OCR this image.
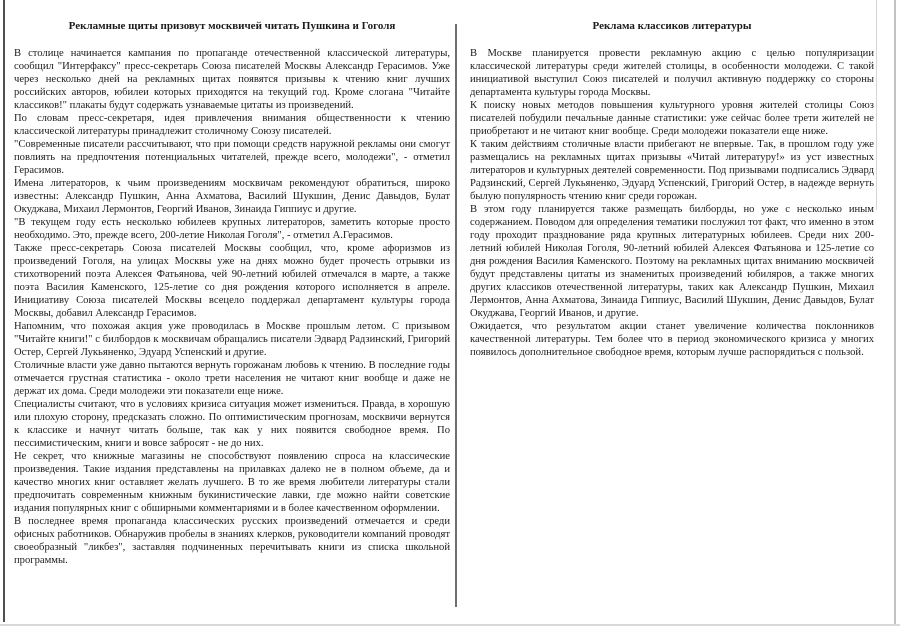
Рекламные щиты призовут москвичей читать Пушкина и Гоголя

В столице начинается кампания по пропаганде отечественной классической литературы, сообщил "Интерфаксу" пресс-секретарь Союза писателей Москвы Александр Герасимов. Уже через несколько дней на рекламных щитах появятся призывы к чтению книг лучших российских авторов, юбилеи которых приходятся на текущий год. Кроме слогана "Читайте классиков!" плакаты будут содержать узнаваемые цитаты из произведений.

По словам пресс-секретаря, идея привлечения внимания общественности к чтению классической литературы принадлежит столичному Союзу писателей.

"Современные писатели рассчитывают, что при помощи средств наружной рекламы они смогут повлиять на предпочтения потенциальных читателей, прежде всего, молодежи", - отметил Герасимов.

Имена литераторов, к чьим произведениям москвичам рекомендуют обратиться, широко известны: Александр Пушкин, Анна Ахматова, Василий Шукшин, Денис Давыдов, Булат Окуджава, Михаил Лермонтов, Георгий Иванов, Зинаида Гиппиус и другие.

"В текущем году есть несколько юбилеев крупных литераторов, заметить которые просто необходимо. Это, прежде всего, 200-летие Николая Гоголя", - отметил А.Герасимов.

Также пресс-секретарь Союза писателей Москвы сообщил, что, кроме афоризмов из произведений Гоголя, на улицах Москвы уже на днях можно будет прочесть отрывки из стихотворений поэта Алексея Фатьянова, чей 90-летний юбилей отмечался в марте, а также поэта Василия Каменского, 125-летие со дня рождения которого исполняется в апреле. Инициативу Союза писателей Москвы всецело поддержал департамент культуры города Москвы, добавил Александр Герасимов.

Напомним, что похожая акция уже проводилась в Москве прошлым летом. С призывом "Читайте книги!" с билбордов к москвичам обращались писатели Эдвард Радзинский, Григорий Остер, Сергей Лукьяненко, Эдуард Успенский и другие.

Столичные власти уже давно пытаются вернуть горожанам любовь к чтению. В последние годы отмечается грустная статистика - около трети населения не читают книг вообще и даже не держат их дома. Среди молодежи эти показатели еще ниже.

Специалисты считают, что в условиях кризиса ситуация может измениться. Правда, в хорошую или плохую сторону, предсказать сложно. По оптимистическим прогнозам, москвичи вернутся к классике и начнут читать больше, так как у них появится свободное время. По пессимистическим, книги и вовсе забросят - не до них.

Не секрет, что книжные магазины не способствуют появлению спроса на классические произведения. Такие издания представлены на прилавках далеко не в полном объеме, да и качество многих книг оставляет желать лучшего. В то же время любители литературы стали предпочитать современным книжным букинистические лавки, где можно найти советские издания популярных книг с обширными комментариями и в более качественном оформлении.

В последнее время пропаганда классических русских произведений отмечается и среди офисных работников. Обнаружив пробелы в знаниях клерков, руководители компаний проводят своеобразный "ликбез", заставляя подчиненных перечитывать книги из списка школьной программы.

Реклама классиков литературы

В Москве планируется провести рекламную акцию с целью популяризации классической литературы среди жителей столицы, в особенности молодежи. С такой инициативой выступил Союз писателей и получил активную поддержку со стороны департамента культуры города Москвы.

К поиску новых методов повышения культурного уровня жителей столицы Союз писателей побудили печальные данные статистики: уже сейчас более трети жителей не приобретают и не читают книг вообще. Среди молодежи показатели еще ниже.

К таким действиям столичные власти прибегают не впервые. Так, в прошлом году уже размещались на рекламных щитах призывы «Читай литературу!» из уст известных литераторов и культурных деятелей современности. Под призывами подписались Эдвард Радзинский, Сергей Лукьяненко, Эдуард Успенский, Григорий Остер, в надежде вернуть былую популярность чтению книг среди горожан.

В этом году планируется также размещать билборды, но уже с несколько иным содержанием. Поводом для определения тематики послужил тот факт, что именно в этом году проходит празднование ряда крупных литературных юбилеев. Среди них 200-летний юбилей Николая Гоголя, 90-летний юбилей Алексея Фатьянова и 125-летие со дня рождения Василия Каменского. Поэтому на рекламных щитах вниманию москвичей будут представлены цитаты из знаменитых произведений юбиляров, а также многих других классиков отечественной литературы, таких как Александр Пушкин, Михаил Лермонтов, Анна Ахматова, Зинаида Гиппиус, Василий Шукшин, Денис Давыдов, Булат Окуджава, Георгий Иванов, и другие.

Ожидается, что результатом акции станет увеличение количества поклонников качественной литературы. Тем более что в период экономического кризиса у многих появилось дополнительное свободное время, которым лучше распорядиться с пользой.
